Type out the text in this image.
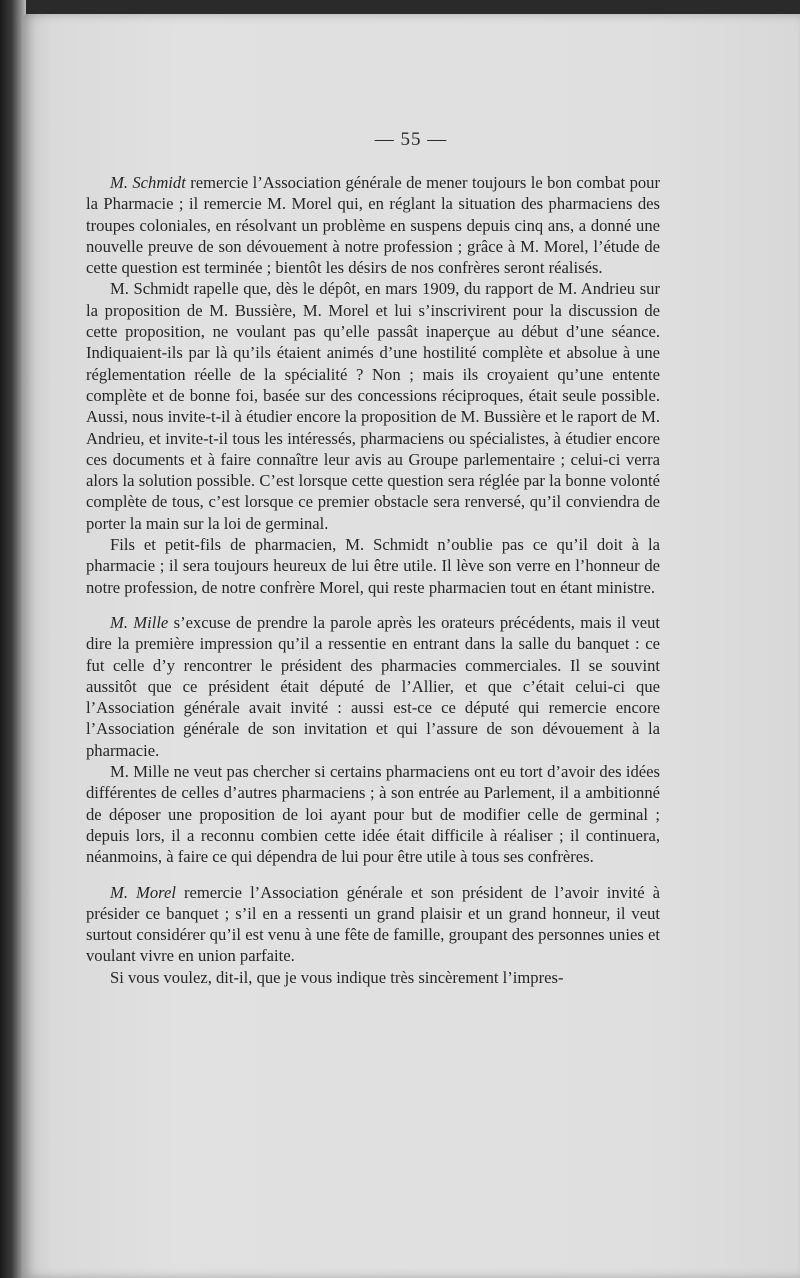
— 55 —

M. Schmidt remercie l’Association générale de mener toujours le bon combat pour la Pharmacie ; il remercie M. Morel qui, en réglant la situation des pharmaciens des troupes coloniales, en résolvant un problème en suspens depuis cinq ans, a donné une nouvelle preuve de son dévouement à notre profession ; grâce à M. Morel, l’étude de cette question est terminée ; bientôt les désirs de nos confrères seront réalisés.

M. Schmidt rapelle que, dès le dépôt, en mars 1909, du rapport de M. Andrieu sur la proposition de M. Bussière, M. Morel et lui s’inscrivirent pour la discussion de cette proposition, ne voulant pas qu’elle passât inaperçue au début d’une séance. Indiquaient-ils par là qu’ils étaient animés d’une hostilité complète et absolue à une réglementation réelle de la spécialité ? Non ; mais ils croyaient qu’une entente complète et de bonne foi, basée sur des concessions réciproques, était seule possible. Aussi, nous invite-t-il à étudier encore la proposition de M. Bussière et le raport de M. Andrieu, et invite-t-il tous les intéressés, pharmaciens ou spécialistes, à étudier encore ces documents et à faire connaître leur avis au Groupe parlementaire ; celui-ci verra alors la solution possible. C’est lorsque cette question sera réglée par la bonne volonté complète de tous, c’est lorsque ce premier obstacle sera renversé, qu’il conviendra de porter la main sur la loi de germinal.

Fils et petit-fils de pharmacien, M. Schmidt n’oublie pas ce qu’il doit à la pharmacie ; il sera toujours heureux de lui être utile. Il lève son verre en l’honneur de notre profession, de notre confrère Morel, qui reste pharmacien tout en étant ministre.

M. Mille s’excuse de prendre la parole après les orateurs précédents, mais il veut dire la première impression qu’il a ressentie en entrant dans la salle du banquet : ce fut celle d’y rencontrer le président des pharmacies commerciales. Il se souvint aussitôt que ce président était député de l’Allier, et que c’était celui-ci que l’Association générale avait invité : aussi est-ce ce député qui remercie encore l’Association générale de son invitation et qui l’assure de son dévouement à la pharmacie.

M. Mille ne veut pas chercher si certains pharmaciens ont eu tort d’avoir des idées différentes de celles d’autres pharmaciens ; à son entrée au Parlement, il a ambitionné de déposer une proposition de loi ayant pour but de modifier celle de germinal ; depuis lors, il a reconnu combien cette idée était difficile à réaliser ; il continuera, néanmoins, à faire ce qui dépendra de lui pour être utile à tous ses confrères.

M. Morel remercie l’Association générale et son président de l’avoir invité à présider ce banquet ; s’il en a ressenti un grand plaisir et un grand honneur, il veut surtout considérer qu’il est venu à une fête de famille, groupant des personnes unies et voulant vivre en union parfaite.

Si vous voulez, dit-il, que je vous indique très sincèrement l’impres-
